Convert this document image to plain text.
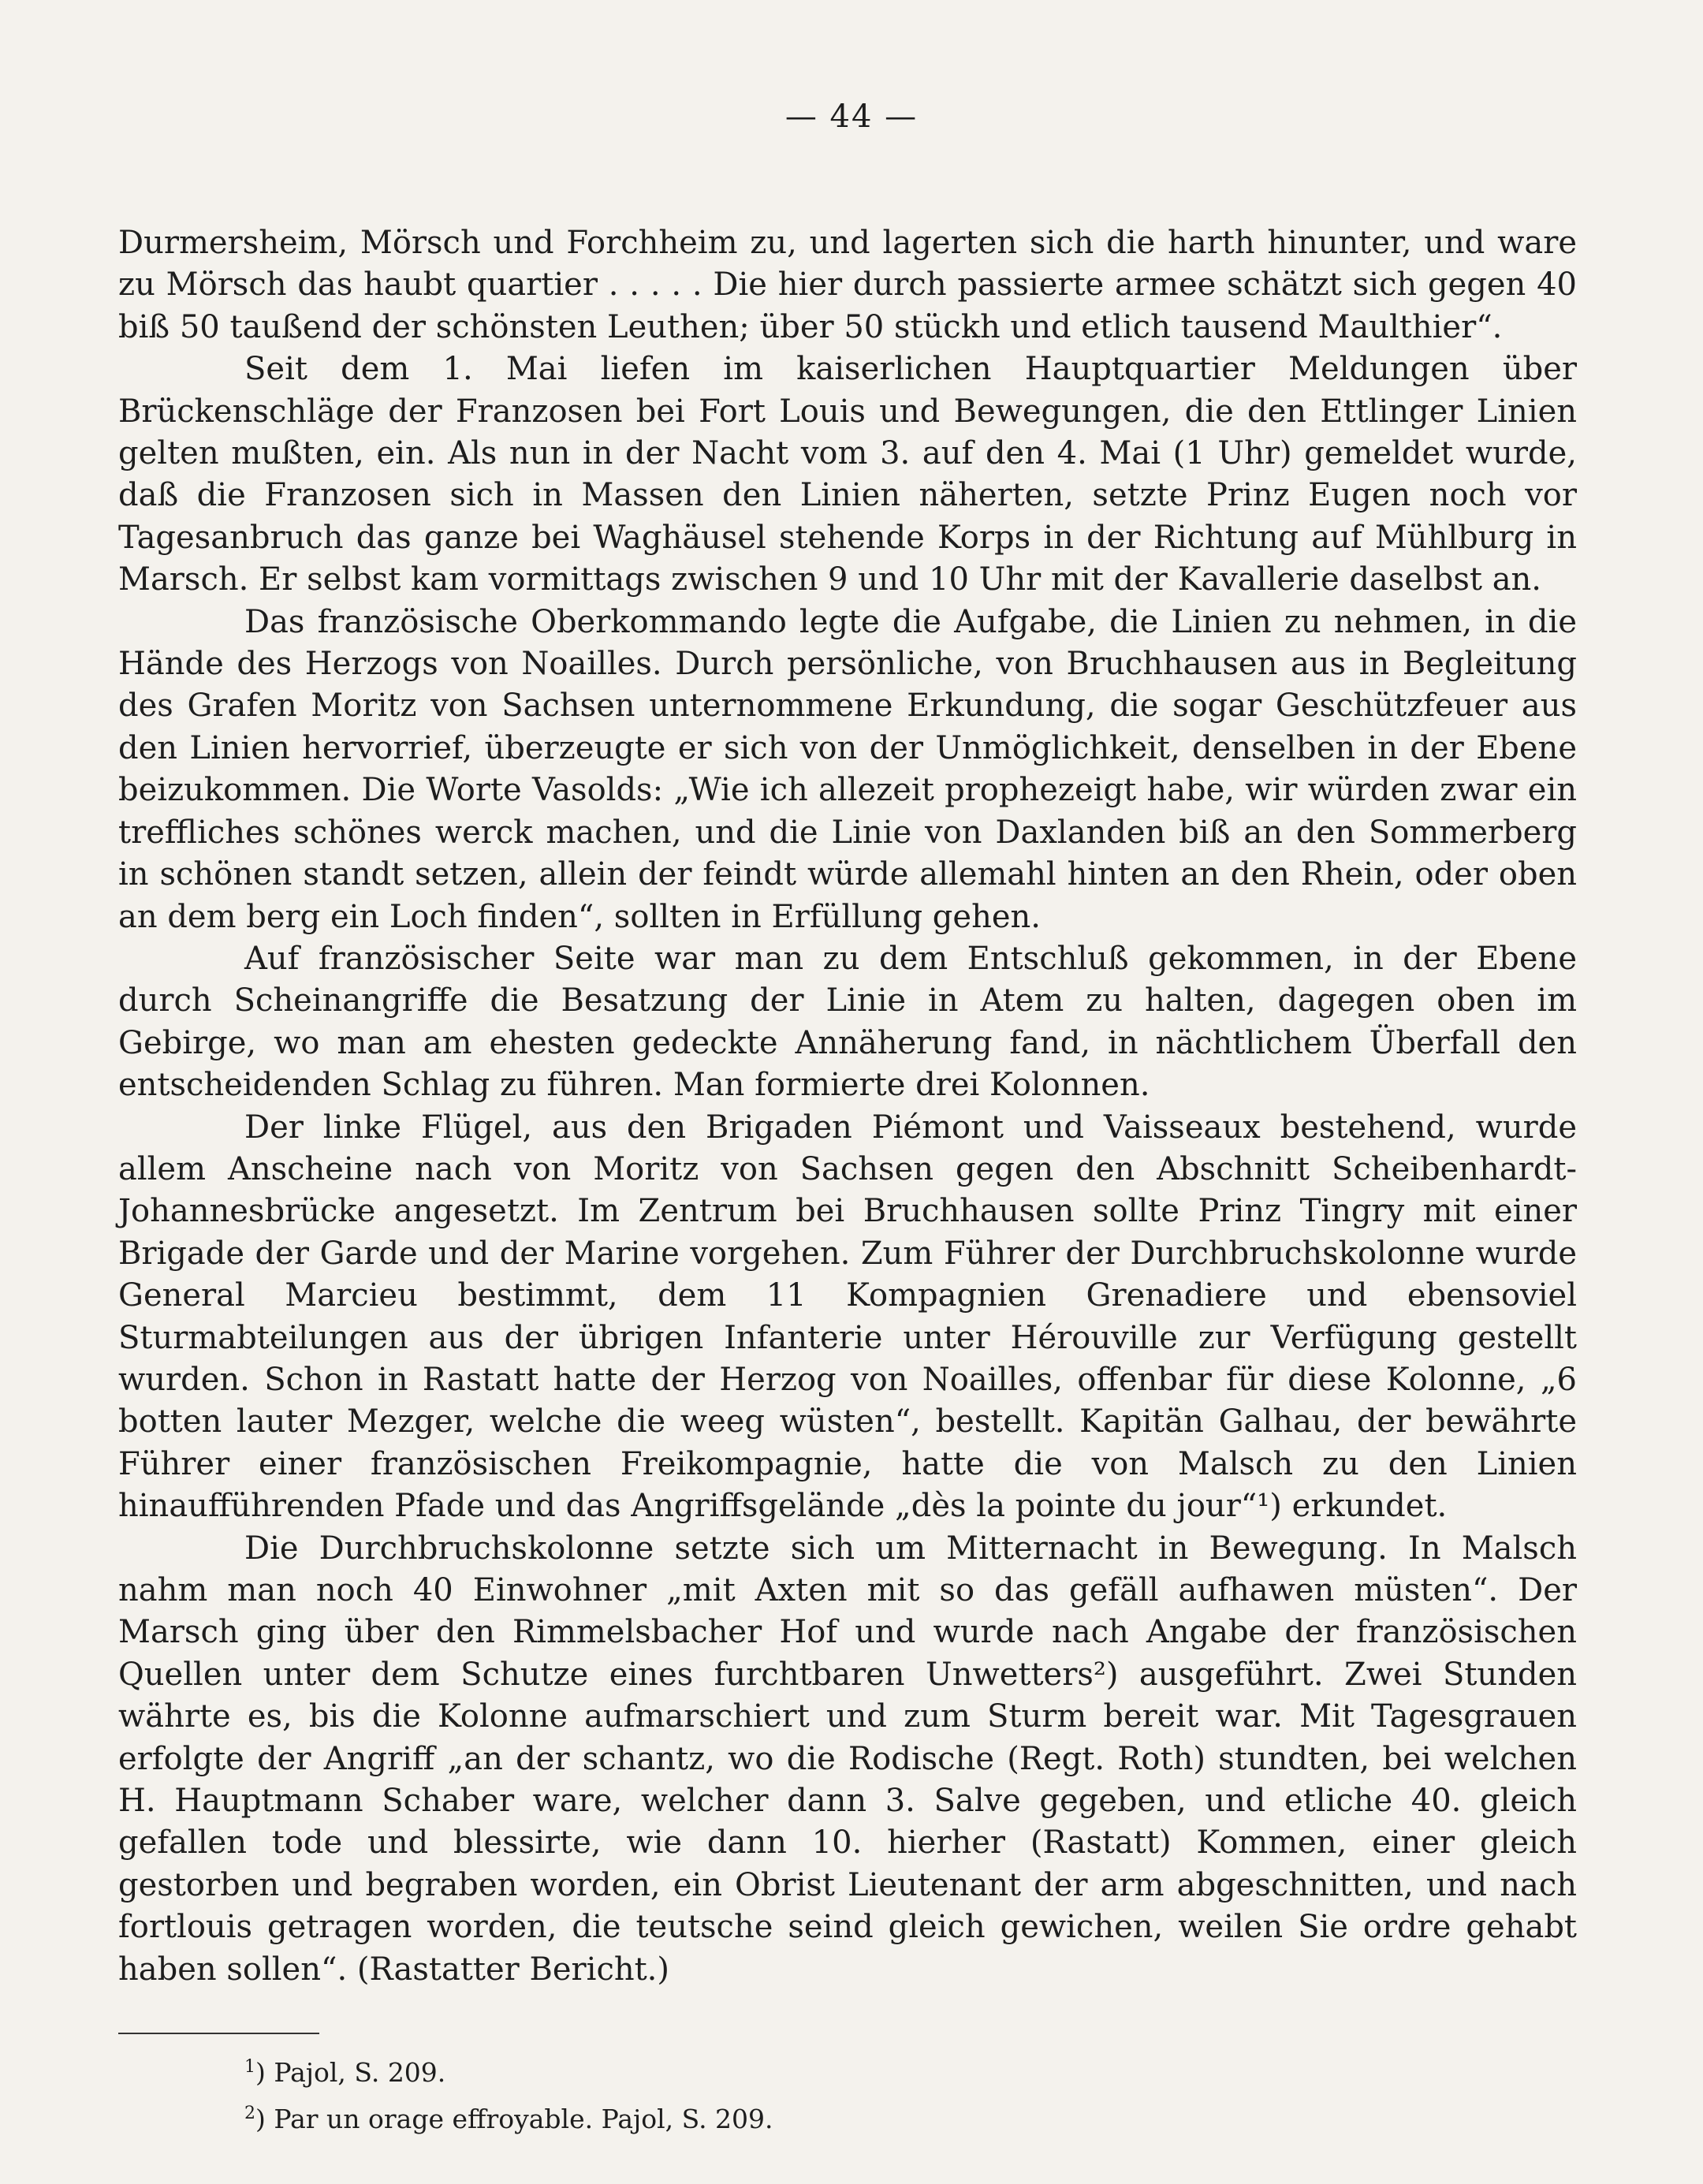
— 44 —

Durmersheim, Mörsch und Forchheim zu, und lagerten sich die harth hinunter, und ware zu Mörsch das haubt quartier . . . . . Die hier durch passierte armee schätzt sich gegen 40 biß 50 taußend der schönsten Leuthen; über 50 stückh und etlich tausend Maulthier“.

Seit dem 1. Mai liefen im kaiserlichen Hauptquartier Meldungen über Brückenschläge der Franzosen bei Fort Louis und Bewegungen, die den Ettlinger Linien gelten mußten, ein. Als nun in der Nacht vom 3. auf den 4. Mai (1 Uhr) gemeldet wurde, daß die Franzosen sich in Massen den Linien näherten, setzte Prinz Eugen noch vor Tagesanbruch das ganze bei Waghäusel stehende Korps in der Richtung auf Mühlburg in Marsch. Er selbst kam vormittags zwischen 9 und 10 Uhr mit der Kavallerie daselbst an.

Das französische Oberkommando legte die Aufgabe, die Linien zu nehmen, in die Hände des Herzogs von Noailles. Durch persönliche, von Bruchhausen aus in Begleitung des Grafen Moritz von Sachsen unternommene Erkundung, die sogar Geschützfeuer aus den Linien hervorrief, überzeugte er sich von der Unmöglichkeit, denselben in der Ebene beizukommen. Die Worte Vasolds: „Wie ich allezeit prophezeigt habe, wir würden zwar ein treffliches schönes werck machen, und die Linie von Daxlanden biß an den Sommerberg in schönen standt setzen, allein der feindt würde allemahl hinten an den Rhein, oder oben an dem berg ein Loch finden“, sollten in Erfüllung gehen.

Auf französischer Seite war man zu dem Entschluß gekommen, in der Ebene durch Scheinangriffe die Besatzung der Linie in Atem zu halten, dagegen oben im Gebirge, wo man am ehesten gedeckte Annäherung fand, in nächtlichem Überfall den entscheidenden Schlag zu führen. Man formierte drei Kolonnen.

Der linke Flügel, aus den Brigaden Piémont und Vaisseaux bestehend, wurde allem Anscheine nach von Moritz von Sachsen gegen den Abschnitt Scheibenhardt-Johannesbrücke angesetzt. Im Zentrum bei Bruchhausen sollte Prinz Tingry mit einer Brigade der Garde und der Marine vorgehen. Zum Führer der Durchbruchskolonne wurde General Marcieu bestimmt, dem 11 Kompagnien Grenadiere und ebensoviel Sturmabteilungen aus der übrigen Infanterie unter Hérouville zur Verfügung gestellt wurden. Schon in Rastatt hatte der Herzog von Noailles, offenbar für diese Kolonne, „6 botten lauter Mezger, welche die weeg wüsten“, bestellt. Kapitän Galhau, der bewährte Führer einer französischen Freikompagnie, hatte die von Malsch zu den Linien hinaufführenden Pfade und das Angriffsgelände „dès la pointe du jour“¹) erkundet.

Die Durchbruchskolonne setzte sich um Mitternacht in Bewegung. In Malsch nahm man noch 40 Einwohner „mit Axten mit so das gefäll aufhawen müsten“. Der Marsch ging über den Rimmelsbacher Hof und wurde nach Angabe der französischen Quellen unter dem Schutze eines furchtbaren Unwetters²) ausgeführt. Zwei Stunden währte es, bis die Kolonne aufmarschiert und zum Sturm bereit war. Mit Tagesgrauen erfolgte der Angriff „an der schantz, wo die Rodische (Regt. Roth) stundten, bei welchen H. Hauptmann Schaber ware, welcher dann 3. Salve gegeben, und etliche 40. gleich gefallen tode und blessirte, wie dann 10. hierher (Rastatt) Kommen, einer gleich gestorben und begraben worden, ein Obrist Lieutenant der arm abgeschnitten, und nach fortlouis getragen worden, die teutsche seind gleich gewichen, weilen Sie ordre gehabt haben sollen“. (Rastatter Bericht.)

$^1$) Pajol, S. 209.
$^2$) Par un orage effroyable. Pajol, S. 209.
